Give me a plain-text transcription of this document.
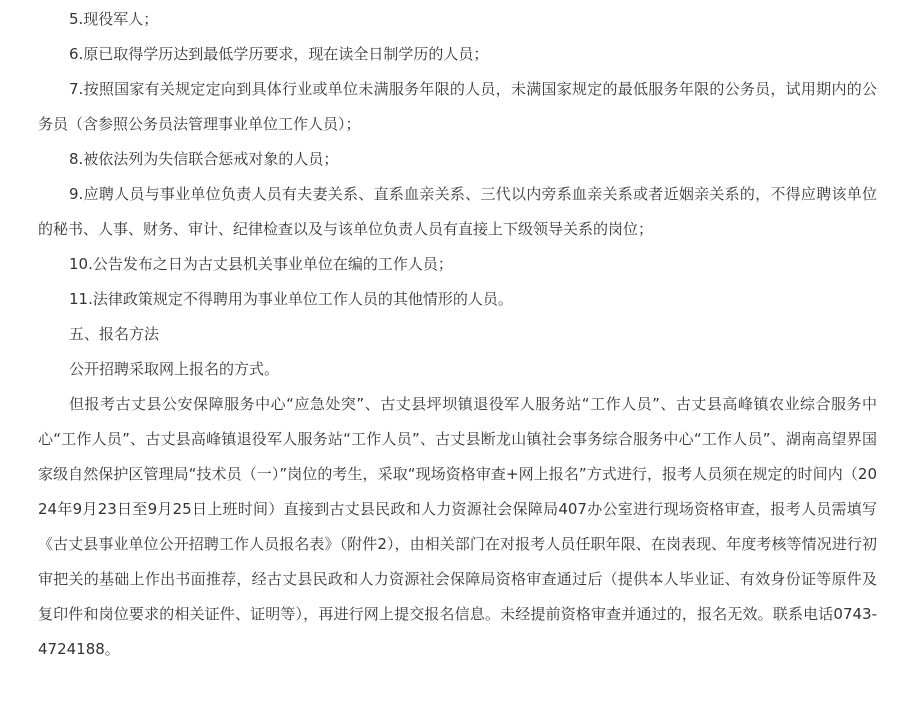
5.现役军人；

6.原已取得学历达到最低学历要求，现在读全日制学历的人员；

7.按照国家有关规定定向到具体行业或单位未满服务年限的人员，未满国家规定的最低服务年限的公务员，试用期内的公务员（含参照公务员法管理事业单位工作人员）；

8.被依法列为失信联合惩戒对象的人员；

9.应聘人员与事业单位负责人员有夫妻关系、直系血亲关系、三代以内旁系血亲关系或者近姻亲关系的，不得应聘该单位的秘书、人事、财务、审计、纪律检查以及与该单位负责人员有直接上下级领导关系的岗位；

10.公告发布之日为古丈县机关事业单位在编的工作人员；

11.法律政策规定不得聘用为事业单位工作人员的其他情形的人员。

五、报名方法

公开招聘采取网上报名的方式。

但报考古丈县公安保障服务中心“应急处突”、古丈县坪坝镇退役军人服务站“工作人员”、古丈县高峰镇农业综合服务中心“工作人员”、古丈县高峰镇退役军人服务站“工作人员”、古丈县断龙山镇社会事务综合服务中心“工作人员”、湖南高望界国家级自然保护区管理局“技术员（一）”岗位的考生，采取“现场资格审查+网上报名”方式进行，报考人员须在规定的时间内（2024年9月23日至9月25日上班时间）直接到古丈县民政和人力资源社会保障局407办公室进行现场资格审查，报考人员需填写《古丈县事业单位公开招聘工作人员报名表》（附件2），由相关部门在对报考人员任职年限、在岗表现、年度考核等情况进行初审把关的基础上作出书面推荐，经古丈县民政和人力资源社会保障局资格审查通过后（提供本人毕业证、有效身份证等原件及复印件和岗位要求的相关证件、证明等），再进行网上提交报名信息。未经提前资格审查并通过的，报名无效。联系电话0743-4724188。
